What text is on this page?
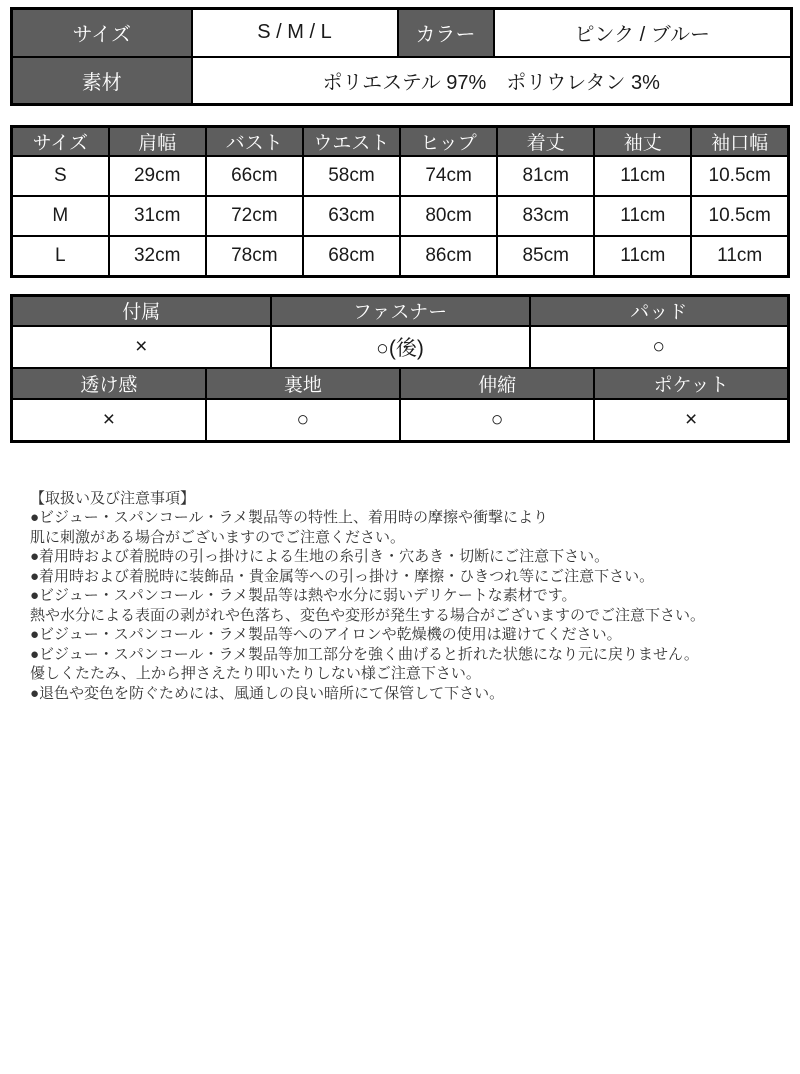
サイズ	S / M / L	カラー	ピンク / ブルー
素材	ポリエステル 97%　ポリウレタン 3%		
サイズ	肩幅	バスト	ウエスト	ヒップ	着丈	袖丈	袖口幅
S	29cm	66cm	58cm	74cm	81cm	11cm	10.5cm
M	31cm	72cm	63cm	80cm	83cm	11cm	10.5cm
L	32cm	78cm	68cm	86cm	85cm	11cm	11cm
付属		ファスナー		パッド	
×		○(後)		○	
透け感	裏地		伸縮		ポケット
×	○		○		×
【取扱い及び注意事項】
●ビジュー・スパンコール・ラメ製品等の特性上、着用時の摩擦や衝撃により
肌に刺激がある場合がございますのでご注意ください。
●着用時および着脱時の引っ掛けによる生地の糸引き・穴あき・切断にご注意下さい。
●着用時および着脱時に装飾品・貴金属等への引っ掛け・摩擦・ひきつれ等にご注意下さい。
●ビジュー・スパンコール・ラメ製品等は熱や水分に弱いデリケートな素材です。
熱や水分による表面の剥がれや色落ち、変色や変形が発生する場合がございますのでご注意下さい。
●ビジュー・スパンコール・ラメ製品等へのアイロンや乾燥機の使用は避けてください。
●ビジュー・スパンコール・ラメ製品等加工部分を強く曲げると折れた状態になり元に戻りません。
優しくたたみ、上から押さえたり叩いたりしない様ご注意下さい。
●退色や変色を防ぐためには、風通しの良い暗所にて保管して下さい。
